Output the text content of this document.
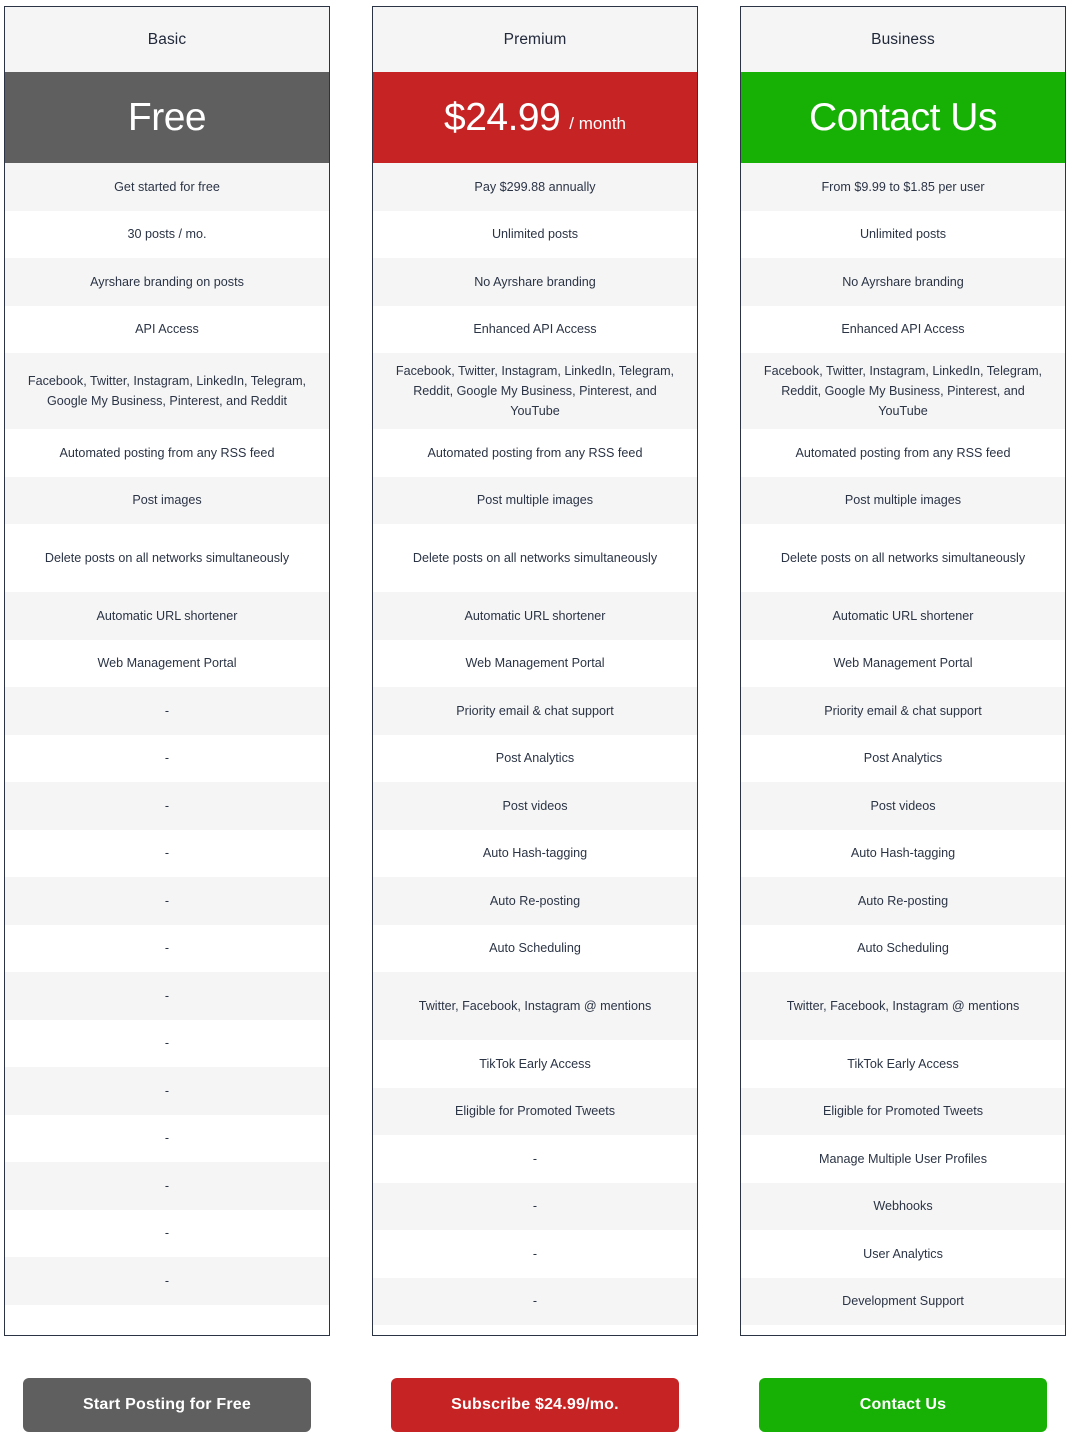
Basic
Free
Get started for free
30 posts / mo.
Ayrshare branding on posts
API Access
Facebook, Twitter, Instagram, LinkedIn, Telegram, Google My Business, Pinterest, and Reddit
Automated posting from any RSS feed
Post images
Delete posts on all networks simultaneously
Automatic URL shortener
Web Management Portal
-
-
-
-
-
-
-
-
-
-
-
-
-
Premium
$24.99 / month
Pay $299.88 annually
Unlimited posts
No Ayrshare branding
Enhanced API Access
Facebook, Twitter, Instagram, LinkedIn, Telegram, Reddit, Google My Business, Pinterest, and YouTube
Automated posting from any RSS feed
Post multiple images
Delete posts on all networks simultaneously
Automatic URL shortener
Web Management Portal
Priority email & chat support
Post Analytics
Post videos
Auto Hash-tagging
Auto Re-posting
Auto Scheduling
Twitter, Facebook, Instagram @ mentions
TikTok Early Access
Eligible for Promoted Tweets
-
-
-
-
Business
Contact Us
From $9.99 to $1.85 per user
Unlimited posts
No Ayrshare branding
Enhanced API Access
Facebook, Twitter, Instagram, LinkedIn, Telegram, Reddit, Google My Business, Pinterest, and YouTube
Automated posting from any RSS feed
Post multiple images
Delete posts on all networks simultaneously
Automatic URL shortener
Web Management Portal
Priority email & chat support
Post Analytics
Post videos
Auto Hash-tagging
Auto Re-posting
Auto Scheduling
Twitter, Facebook, Instagram @ mentions
TikTok Early Access
Eligible for Promoted Tweets
Manage Multiple User Profiles
Webhooks
User Analytics
Development Support
Start Posting for Free	Subscribe $24.99/mo.	Contact Us
